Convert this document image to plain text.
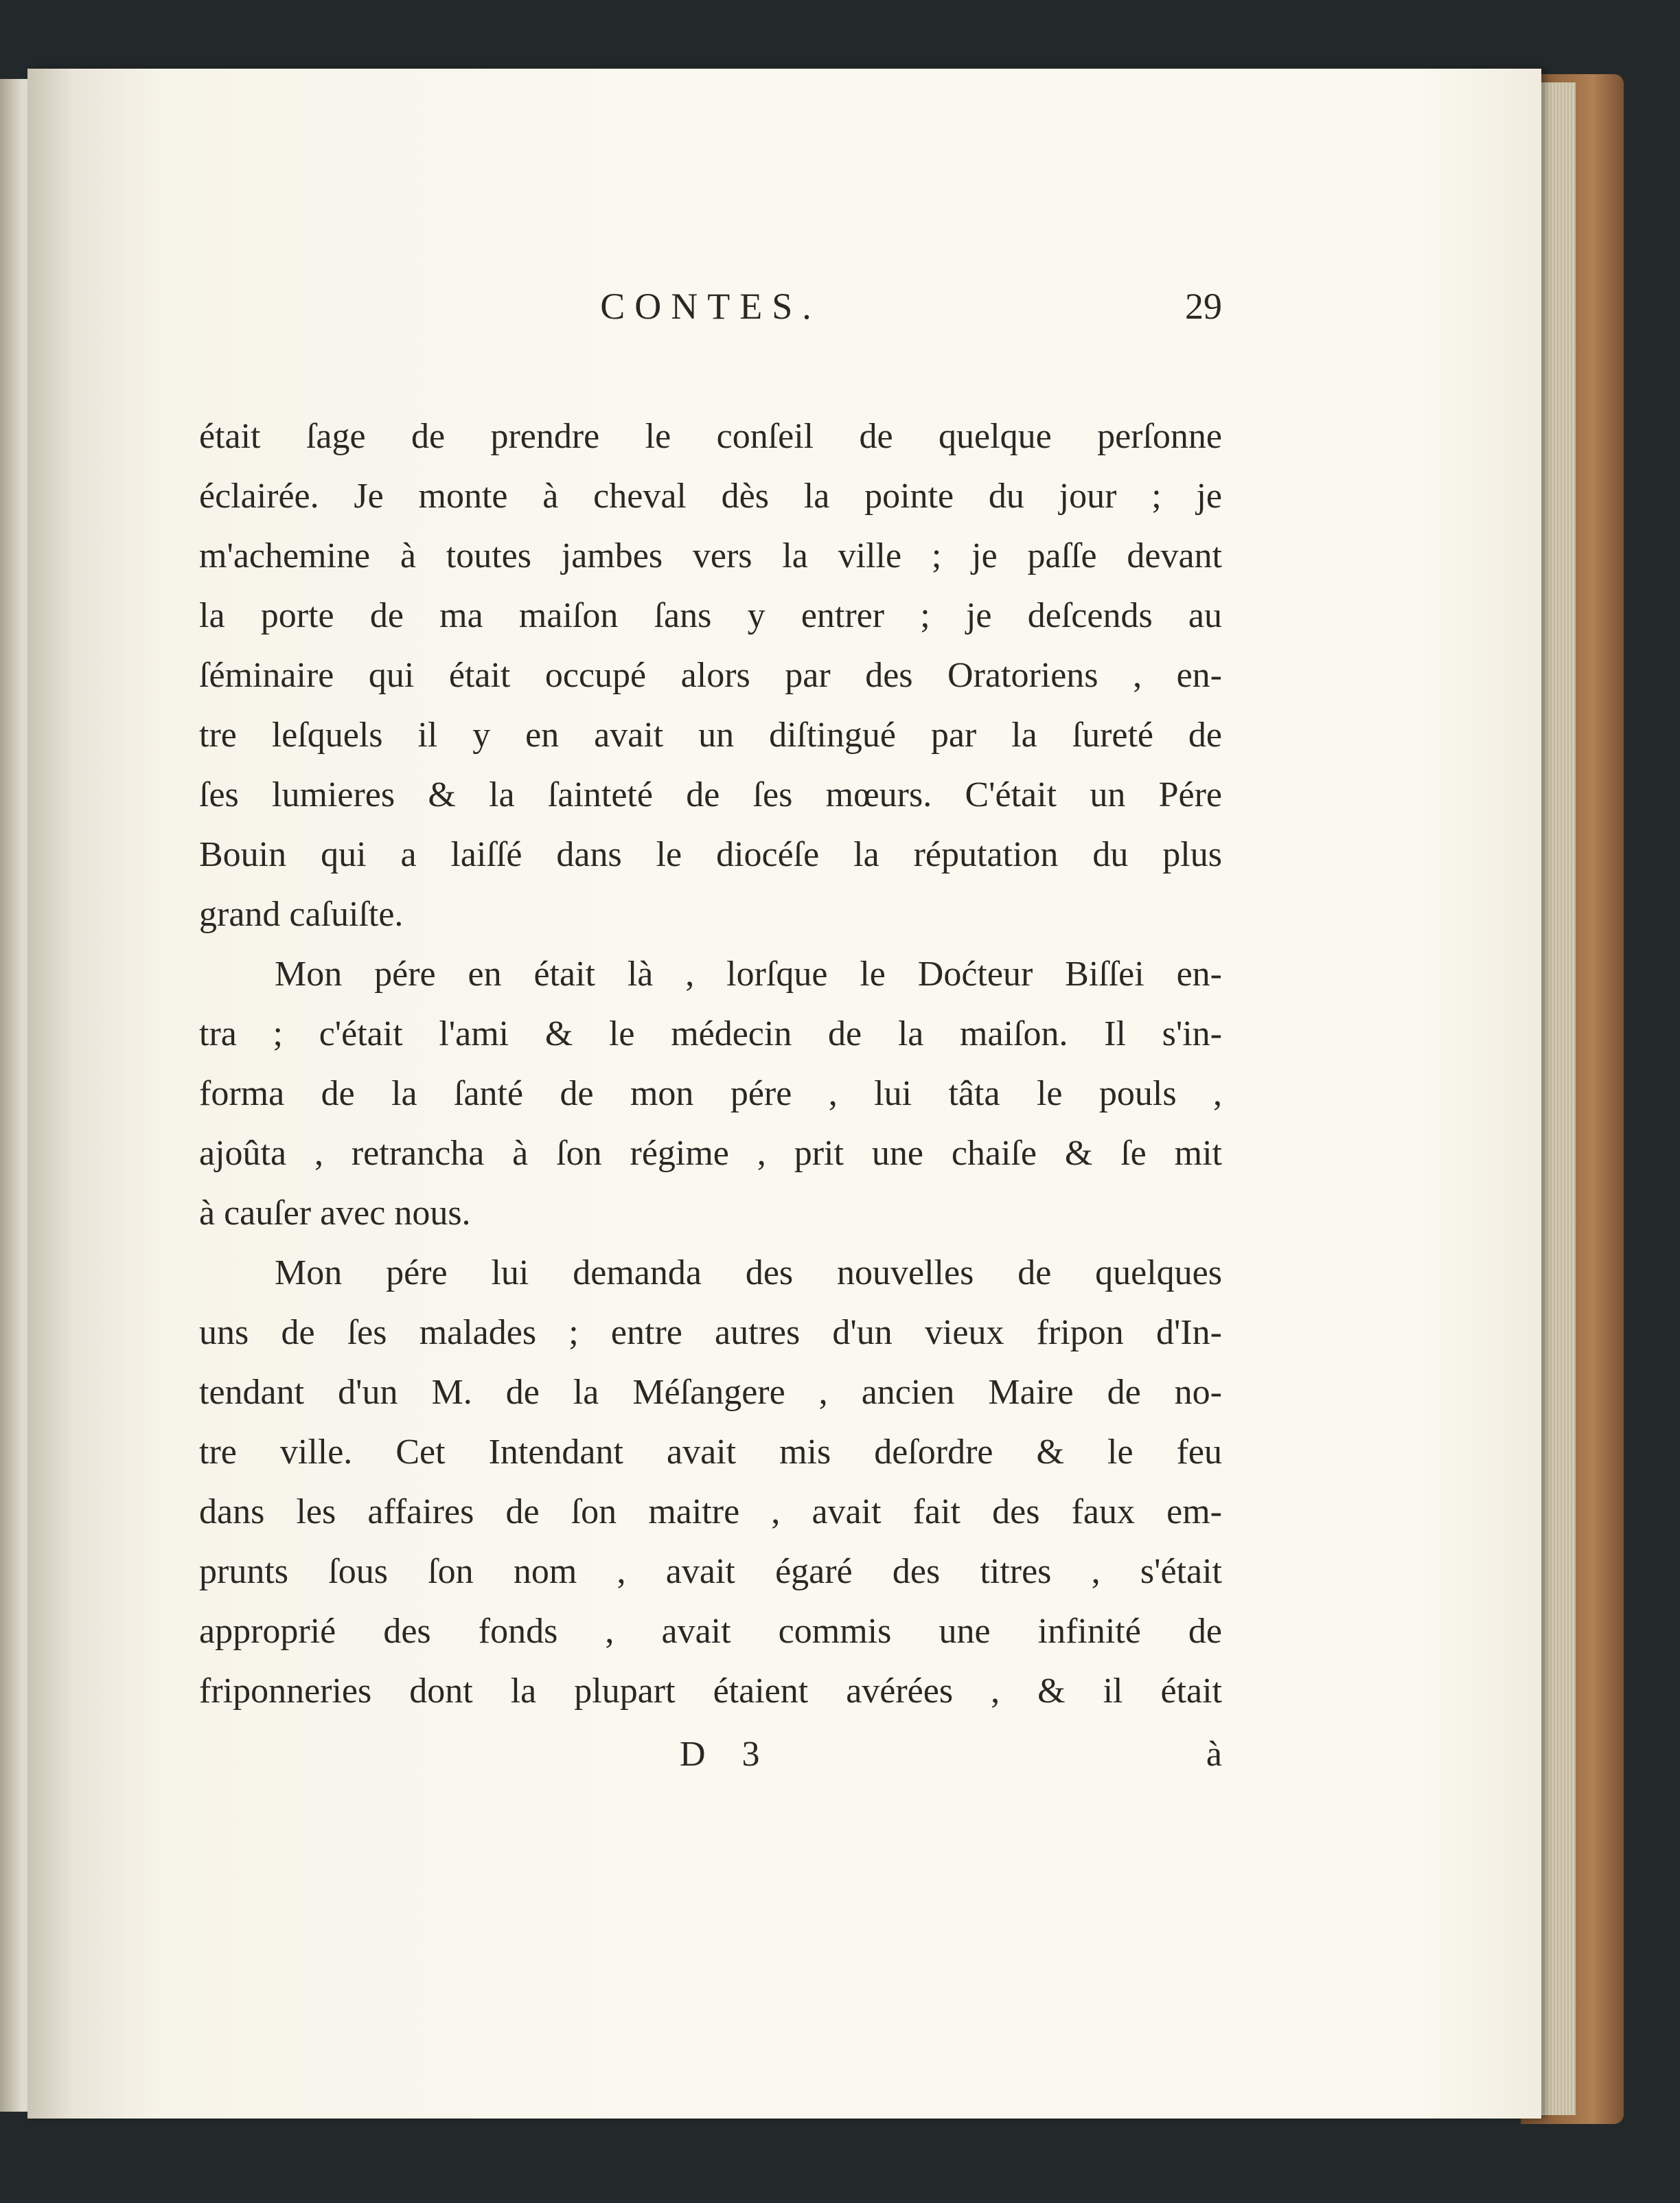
CONTES.	29
était ſage de prendre le conſeil de quelque perſonne
éclairée. Je monte à cheval dès la pointe du jour ; je
m'achemine à toutes jambes vers la ville ; je paſſe devant
la porte de ma maiſon ſans y entrer ; je deſcends au
ſéminaire qui était occupé alors par des Oratoriens , en-
tre leſquels il y en avait un diſtingué par la ſureté de
ſes lumieres & la ſainteté de ſes mœurs. C'était un Pére
Bouin qui a laiſſé dans le diocéſe la réputation du plus
grand caſuiſte.
Mon pére en était là , lorſque le Doćteur Biſſei en-
tra ; c'était l'ami & le médecin de la maiſon. Il s'in-
forma de la ſanté de mon pére , lui tâta le pouls ,
ajoûta , retrancha à ſon régime , prit une chaiſe & ſe mit
à cauſer avec nous.
Mon pére lui demanda des nouvelles de quelques
uns de ſes malades ; entre autres d'un vieux fripon d'In-
tendant d'un M. de la Méſangere , ancien Maire de no-
tre ville. Cet Intendant avait mis deſordre & le feu
dans les affaires de ſon maitre , avait fait des faux em-
prunts ſous ſon nom , avait égaré des titres , s'était
approprié des fonds , avait commis une infinité de
friponneries dont la plupart étaient avérées , & il était
D 3	à
